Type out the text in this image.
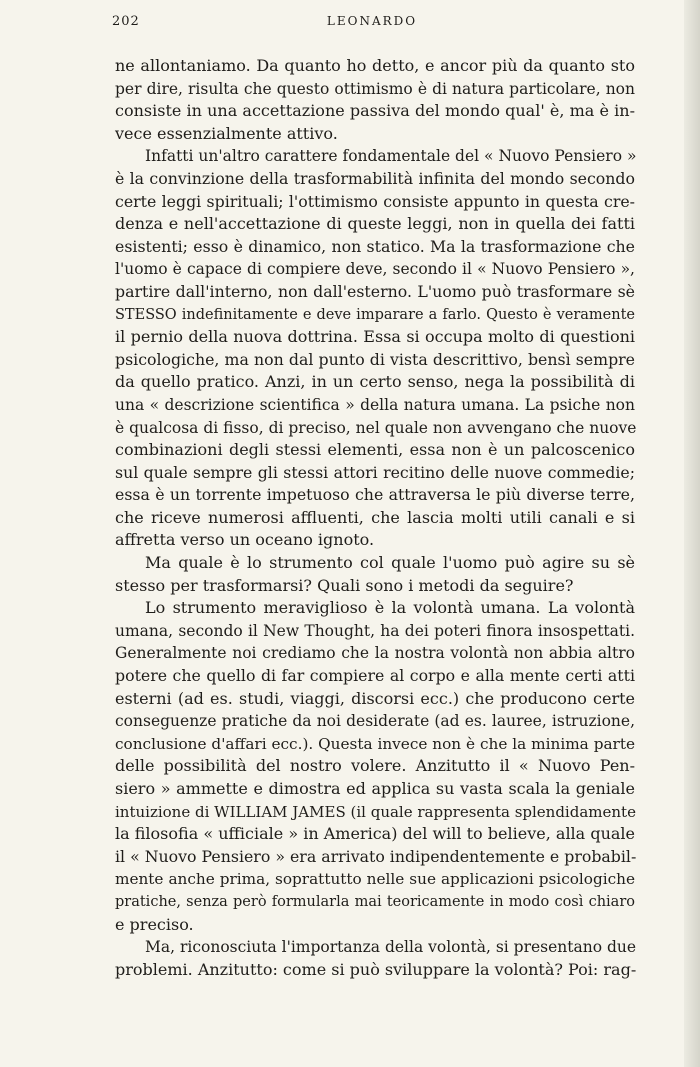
202	LEONARDO
ne allontaniamo. Da quanto ho detto, e ancor più da quanto sto
per dire, risulta che questo ottimismo è di natura particolare, non
consiste in una accettazione passiva del mondo qual' è, ma è in-
vece essenzialmente attivo.
Infatti un'altro carattere fondamentale del « Nuovo Pensiero »
è la convinzione della trasformabilità infinita del mondo secondo
certe leggi spirituali; l'ottimismo consiste appunto in questa cre-
denza e nell'accettazione di queste leggi, non in quella dei fatti
esistenti; esso è dinamico, non statico. Ma la trasformazione che
l'uomo è capace di compiere deve, secondo il « Nuovo Pensiero »,
partire dall'interno, non dall'esterno. L'uomo può trasformare sè
STESSO indefinitamente e deve imparare a farlo. Questo è veramente
il pernio della nuova dottrina. Essa si occupa molto di questioni
psicologiche, ma non dal punto di vista descrittivo, bensì sempre
da quello pratico. Anzi, in un certo senso, nega la possibilità di
una « descrizione scientifica » della natura umana. La psiche non
è qualcosa di fisso, di preciso, nel quale non avvengano che nuove
combinazioni degli stessi elementi, essa non è un palcoscenico
sul quale sempre gli stessi attori recitino delle nuove commedie;
essa è un torrente impetuoso che attraversa le più diverse terre,
che riceve numerosi affluenti, che lascia molti utili canali e si
affretta verso un oceano ignoto.
Ma quale è lo strumento col quale l'uomo può agire su sè
stesso per trasformarsi? Quali sono i metodi da seguire?
Lo strumento meraviglioso è la volontà umana. La volontà
umana, secondo il New Thought, ha dei poteri finora insospettati.
Generalmente noi crediamo che la nostra volontà non abbia altro
potere che quello di far compiere al corpo e alla mente certi atti
esterni (ad es. studi, viaggi, discorsi ecc.) che producono certe
conseguenze pratiche da noi desiderate (ad es. lauree, istruzione,
conclusione d'affari ecc.). Questa invece non è che la minima parte
delle possibilità del nostro volere. Anzitutto il « Nuovo Pen-
siero » ammette e dimostra ed applica su vasta scala la geniale
intuizione di WILLIAM JAMES (il quale rappresenta splendidamente
la filosofia « ufficiale » in America) del will to believe, alla quale
il « Nuovo Pensiero » era arrivato indipendentemente e probabil-
mente anche prima, soprattutto nelle sue applicazioni psicologiche
pratiche, senza però formularla mai teoricamente in modo così chiaro
e preciso.
Ma, riconosciuta l'importanza della volontà, si presentano due
problemi. Anzitutto: come si può sviluppare la volontà? Poi: rag-
